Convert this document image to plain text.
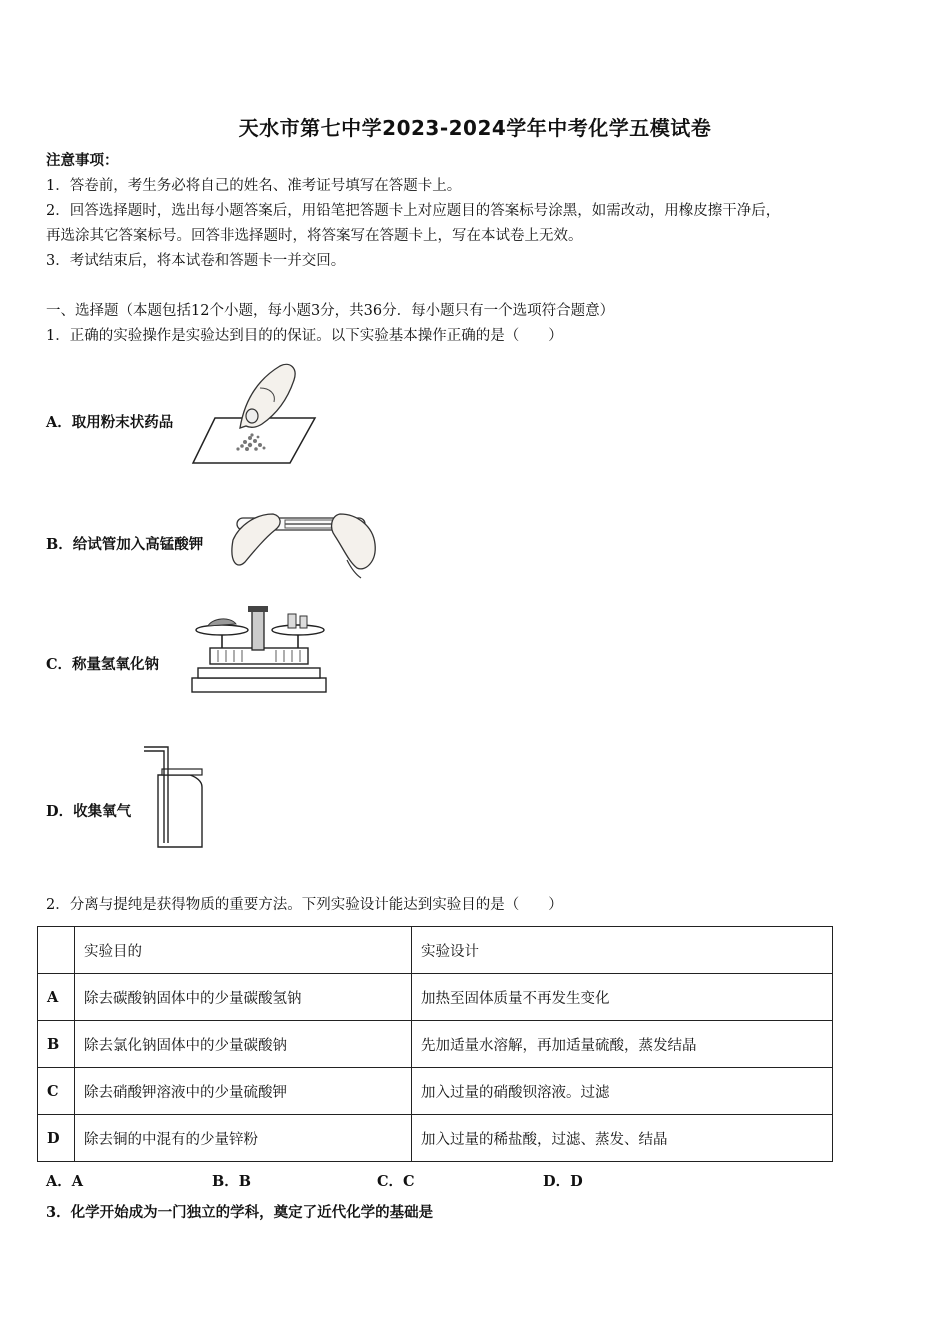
天水市第七中学2023-2024学年中考化学五模试卷
注意事项：
1．答卷前，考生务必将自己的姓名、准考证号填写在答题卡上。
2．回答选择题时，选出每小题答案后，用铅笔把答题卡上对应题目的答案标号涂黑，如需改动，用橡皮擦干净后，
再选涂其它答案标号。回答非选择题时，将答案写在答题卡上，写在本试卷上无效。
3．考试结束后，将本试卷和答题卡一并交回。
一、选择题（本题包括12个小题，每小题3分，共36分．每小题只有一个选项符合题意）
1．正确的实验操作是实验达到目的的保证。以下实验基本操作正确的是（　　）
A．取用粉末状药品
B．给试管加入高锰酸钾
C．称量氢氧化钠
D．收集氧气
2．分离与提纯是获得物质的重要方法。下列实验设计能达到实验目的是（　　）
	实验目的	实验设计
A	除去碳酸钠固体中的少量碳酸氢钠	加热至固体质量不再发生变化
B	除去氯化钠固体中的少量碳酸钠	先加适量水溶解，再加适量硫酸，蒸发结晶
C	除去硝酸钾溶液中的少量硫酸钾	加入过量的硝酸钡溶液。过滤
D	除去铜的中混有的少量锌粉	加入过量的稀盐酸，过滤、蒸发、结晶
A．A	B．B	C．C	D．D
3．化学开始成为一门独立的学科，奠定了近代化学的基础是
